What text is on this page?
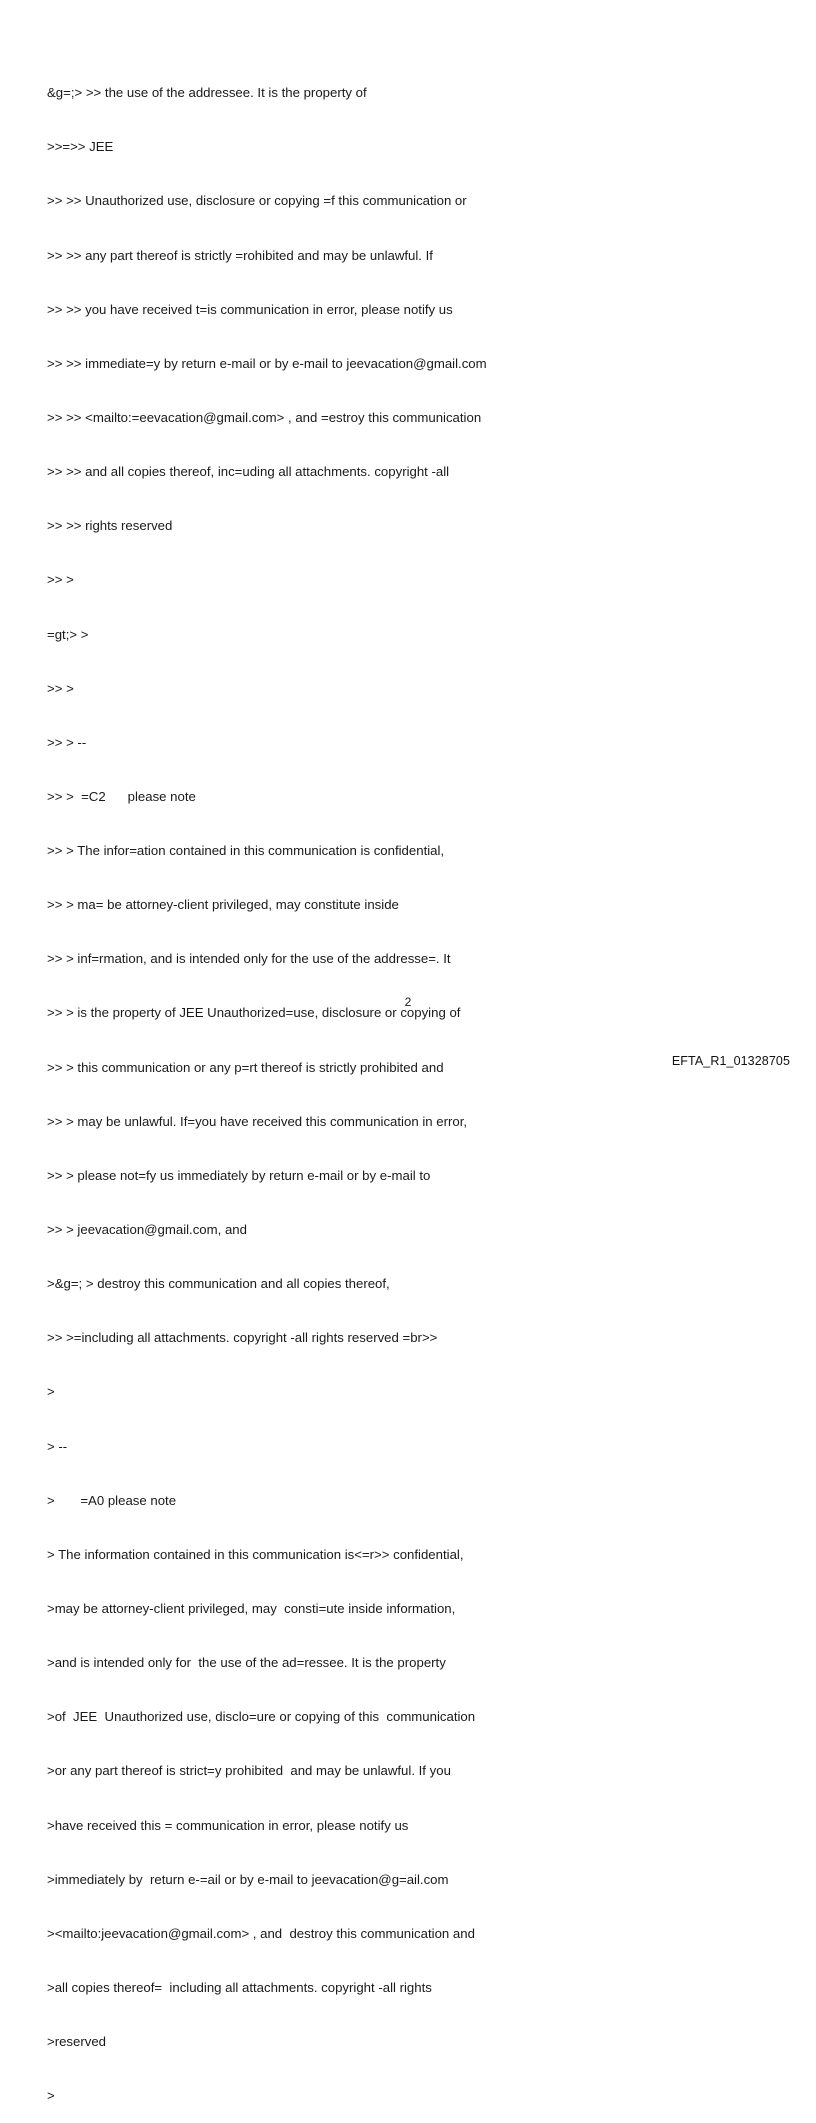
&g=;> >> the use of the addressee. It is the property of

>>=>> JEE

>> >> Unauthorized use, disclosure or copying =f this communication or

>> >> any part thereof is strictly =rohibited and may be unlawful. If

>> >> you have received t=is communication in error, please notify us

>> >> immediate=y by return e-mail or by e-mail to jeevacation@gmail.com

>> >> <mailto:=eevacation@gmail.com> , and =estroy this communication

>> >> and all copies thereof, inc=uding all attachments. copyright -all

>> >> rights reserved

>> >

=gt;> >

>> >

>> > --

>> >  =C2      please note

>> > The infor=ation contained in this communication is confidential,

>> > ma= be attorney-client privileged, may constitute inside

>> > inf=rmation, and is intended only for the use of the addresse=. It

>> > is the property of JEE Unauthorized=use, disclosure or copying of

>> > this communication or any p=rt thereof is strictly prohibited and

>> > may be unlawful. If=you have received this communication in error,

>> > please not=fy us immediately by return e-mail or by e-mail to

>> > jeevacation@gmail.com, and

>&g=; > destroy this communication and all copies thereof,

>> >=including all attachments. copyright -all rights reserved =br>>

>

> --

>       =A0 please note

> The information contained in this communication is<=r>> confidential,

>may be attorney-client privileged, may  consti=ute inside information,

>and is intended only for  the use of the ad=ressee. It is the property

>of  JEE  Unauthorized use, disclo=ure or copying of this  communication

>or any part thereof is strict=y prohibited  and may be unlawful. If you

>have received this = communication in error, please notify us

>immediately by  return e-=ail or by e-mail to jeevacation@g=ail.com

><mailto:jeevacation@gmail.com> , and  destroy this communication and

>all copies thereof=  including all attachments. copyright -all rights

>reserved

>

2
EFTA_R1_01328705
